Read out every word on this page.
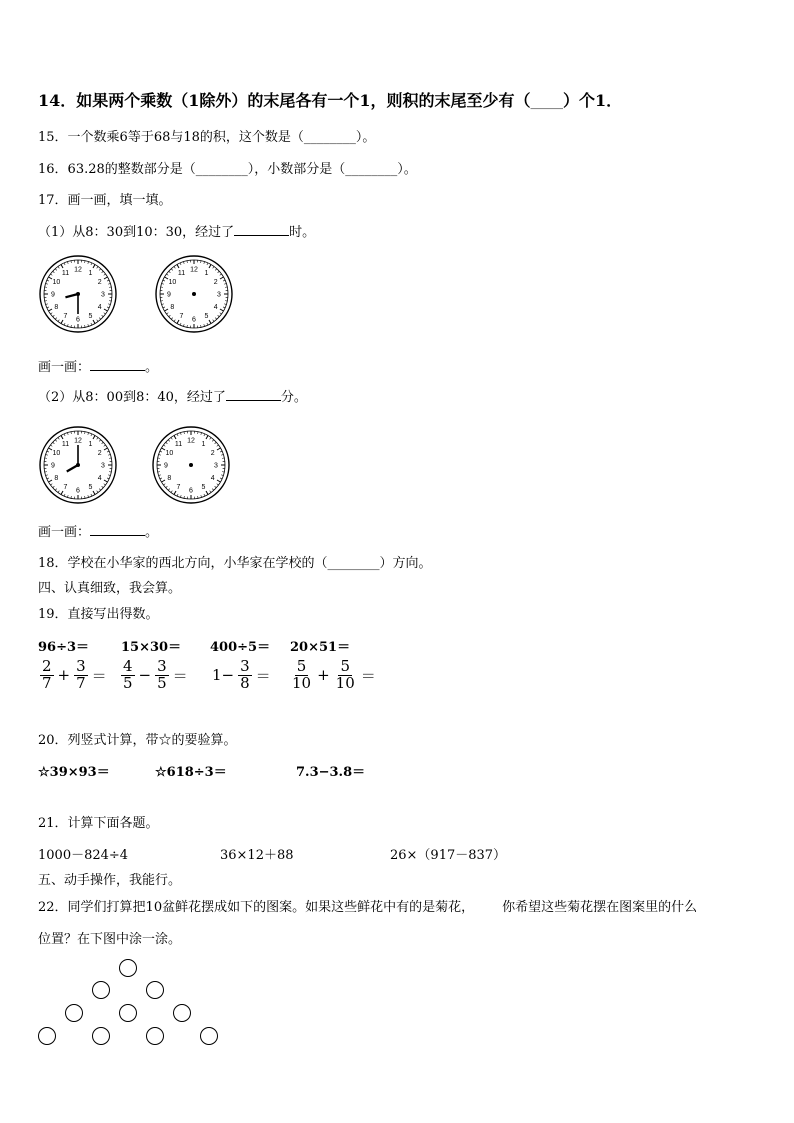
14．如果两个乘数（1除外）的末尾各有一个1，则积的末尾至少有（_____）个1．
15．一个数乘6等于68与18的积，这个数是（________）。
16．63.28的整数部分是（________），小数部分是（________）。
17．画一画，填一填。
（1）从8：30到10：30，经过了	时。
12 1
2
3
4
5
6
7
8
9
10
11	12 1
2
3
4
5
6
7
8
9
10
11
画一画：	。
（2）从8：00到8：40，经过了	分。
12 1
2
3
4
5
6
7
8
9
10
11	12 1
2
3
4
5
6
7
8
9
10
11
画一画：	。
18．学校在小华家的西北方向，小华家在学校的（________）方向。
四、认真细致，我会算。
19．直接写出得数。
96÷3＝ 15×30＝ 400÷5＝ 20×51＝
2
$7 + \frac{3}{7}$ ＝
4
$5 - \frac{3}{5} = 1- \frac{3}{8}$ ＝
5
$10 + \frac{5}{10}$ ＝
20．列竖式计算，带☆的要验算。
☆39×93＝	☆618÷3＝	7.3−3.8＝
21．计算下面各题。
1000－824÷4	36×12＋88	26×（917－837）
五、动手操作，我能行。
22．同学们打算把10盆鲜花摆成如下的图案。如果这些鲜花中有的是菊花， 你希望这些菊花摆在图案里的什么
位置？在下图中涂一涂。
